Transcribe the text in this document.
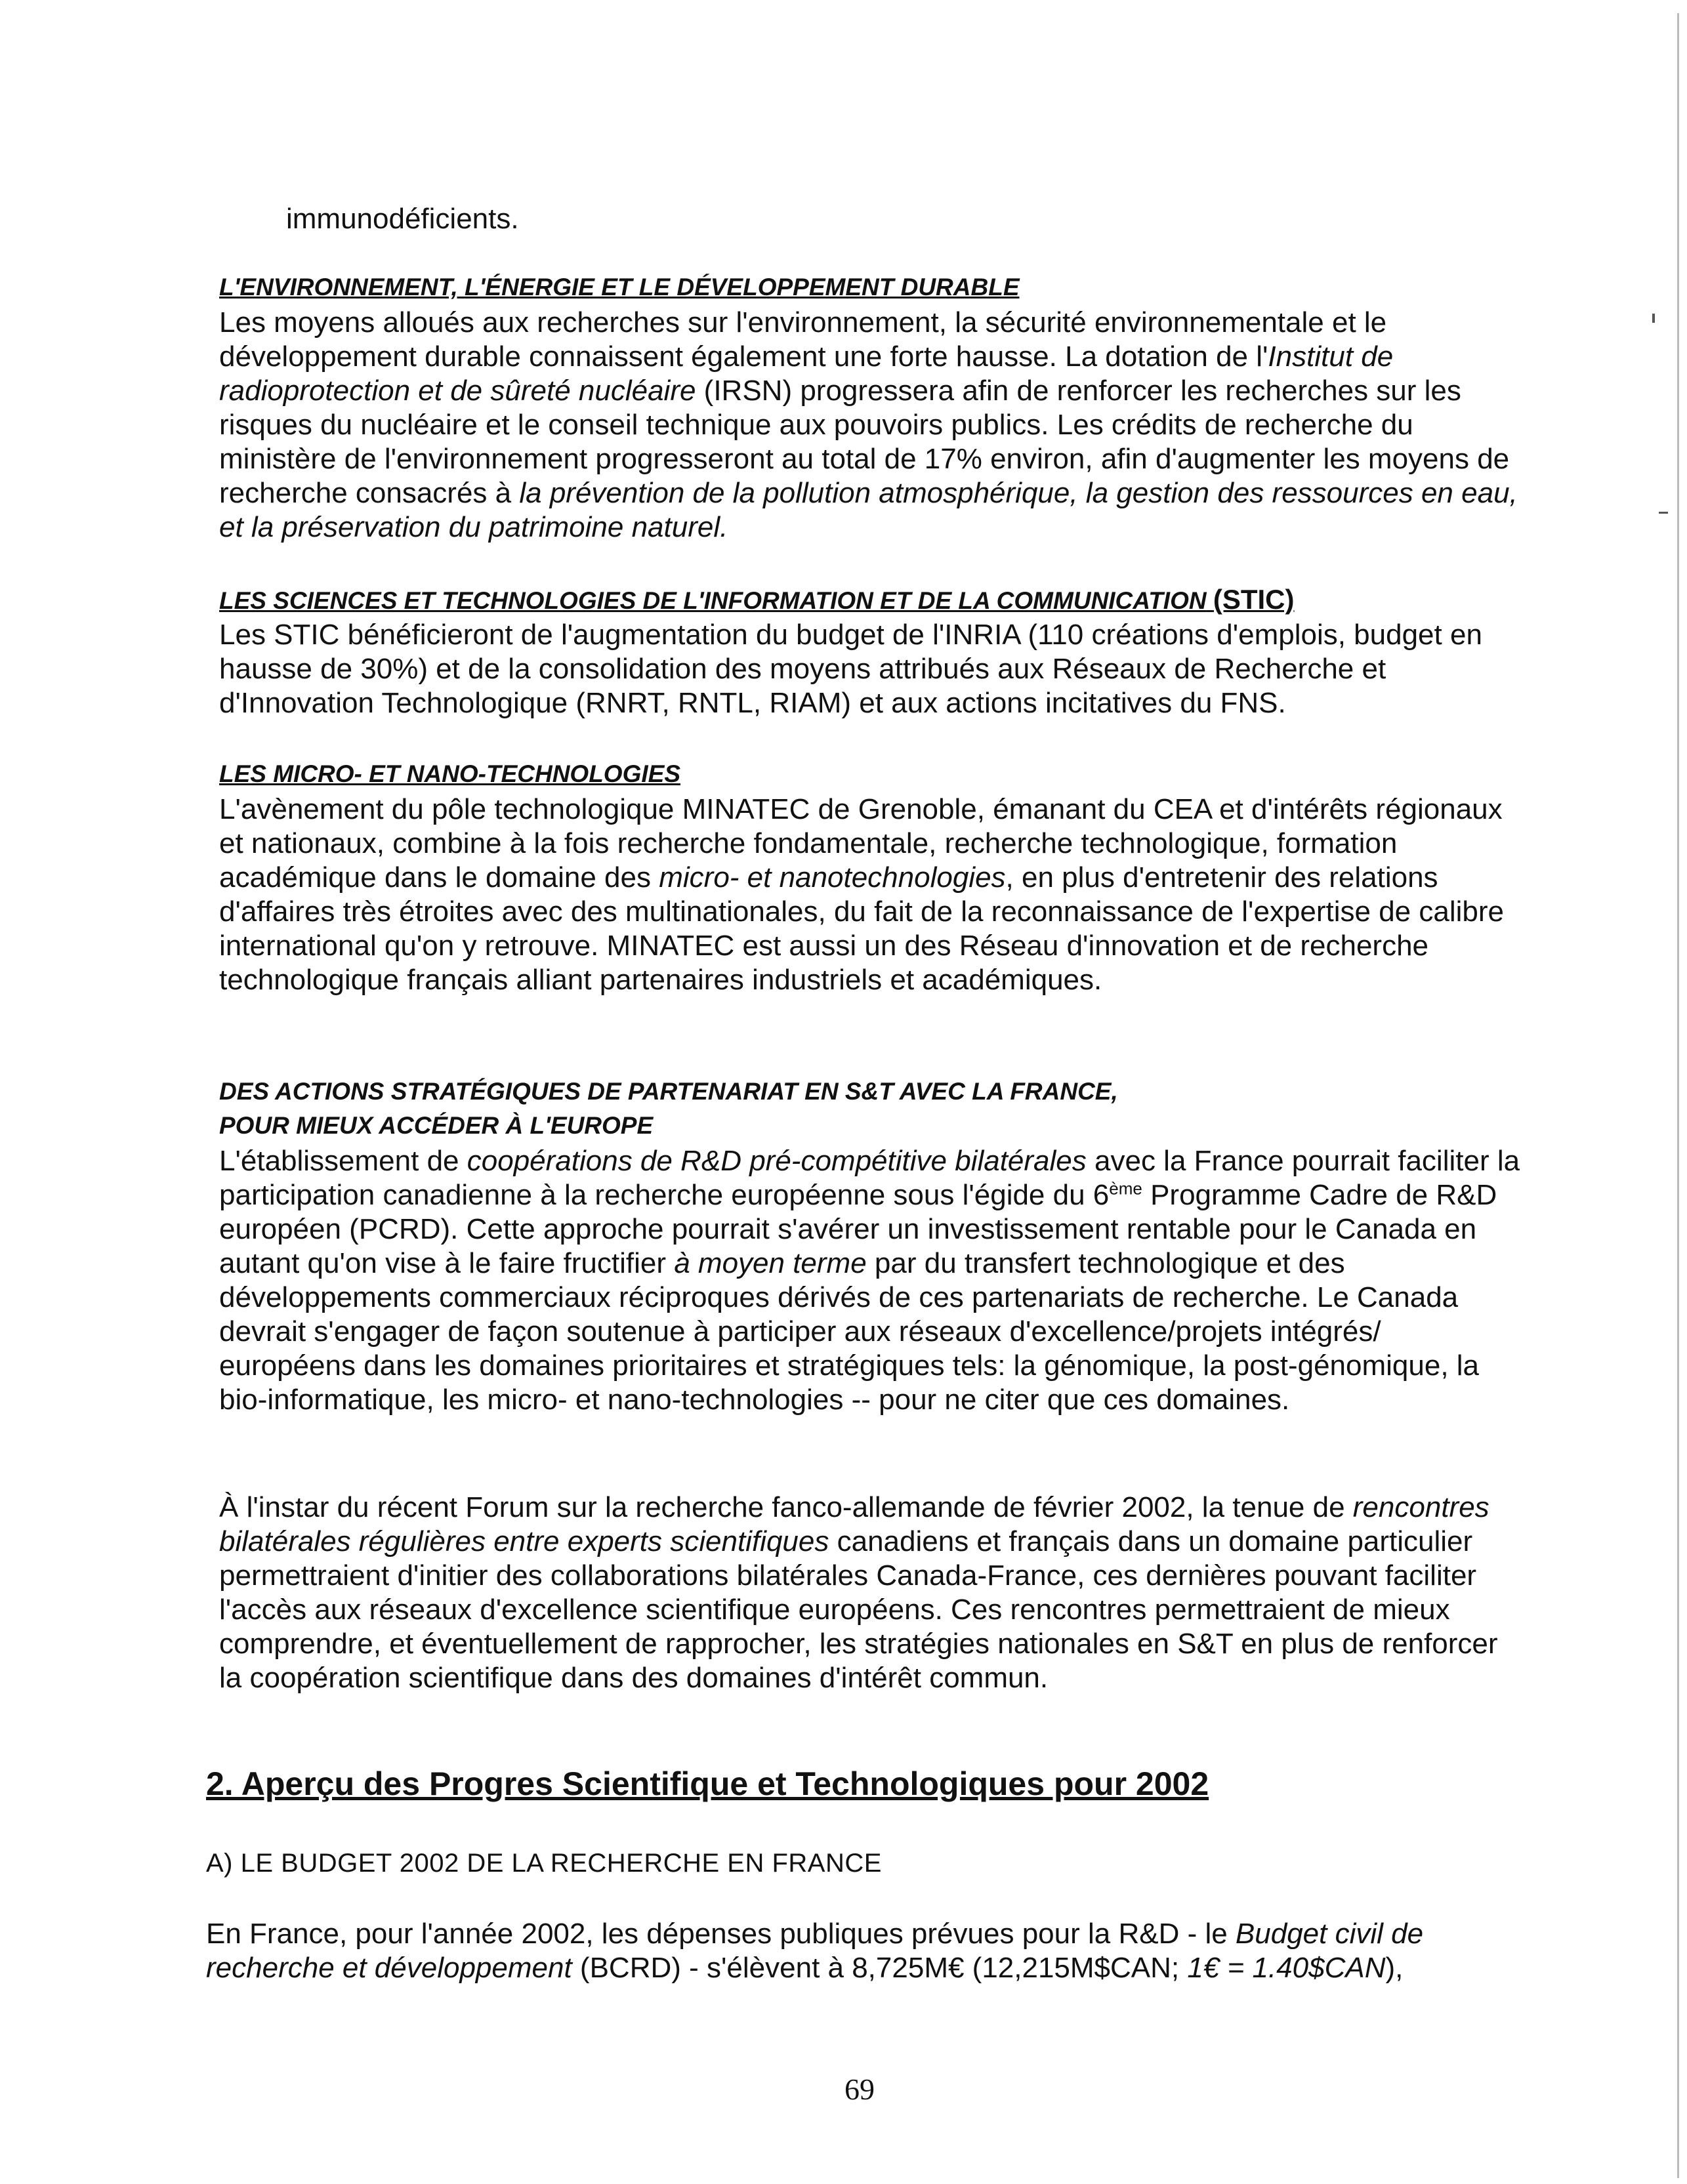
immunodéficients.

L'ENVIRONNEMENT, L'ÉNERGIE ET LE DÉVELOPPEMENT DURABLE

Les moyens alloués aux recherches sur l'environnement, la sécurité environnementale et le développement durable connaissent également une forte hausse. La dotation de l'Institut de radioprotection et de sûreté nucléaire (IRSN) progressera afin de renforcer les recherches sur les risques du nucléaire et le conseil technique aux pouvoirs publics. Les crédits de recherche du ministère de l'environnement progresseront au total de 17% environ, afin d'augmenter les moyens de recherche consacrés à la prévention de la pollution atmosphérique, la gestion des ressources en eau, et la préservation du patrimoine naturel.

LES SCIENCES ET TECHNOLOGIES DE L'INFORMATION ET DE LA COMMUNICATION (STIC)

Les STIC bénéficieront de l'augmentation du budget de l'INRIA (110 créations d'emplois, budget en hausse de 30%) et de la consolidation des moyens attribués aux Réseaux de Recherche et d'Innovation Technologique (RNRT, RNTL, RIAM) et aux actions incitatives du FNS.

LES MICRO- ET NANO-TECHNOLOGIES

L'avènement du pôle technologique MINATEC de Grenoble, émanant du CEA et d'intérêts régionaux et nationaux, combine à la fois recherche fondamentale, recherche technologique, formation académique dans le domaine des micro- et nanotechnologies, en plus d'entretenir des relations d'affaires très étroites avec des multinationales, du fait de la reconnaissance de l'expertise de calibre international qu'on y retrouve. MINATEC est aussi un des Réseau d'innovation et de recherche technologique français alliant partenaires industriels et académiques.

DES ACTIONS STRATÉGIQUES DE PARTENARIAT EN S&T AVEC LA FRANCE,

POUR MIEUX ACCÉDER À L'EUROPE

L'établissement de coopérations de R&D pré-compétitive bilatérales avec la France pourrait faciliter la participation canadienne à la recherche européenne sous l'égide du 6ème Programme Cadre de R&D européen (PCRD). Cette approche pourrait s'avérer un investissement rentable pour le Canada en autant qu'on vise à le faire fructifier à moyen terme par du transfert technologique et des développements commerciaux réciproques dérivés de ces partenariats de recherche. Le Canada devrait s'engager de façon soutenue à participer aux réseaux d'excellence/projets intégrés/ européens dans les domaines prioritaires et stratégiques tels: la génomique, la post-génomique, la bio-informatique, les micro- et nano-technologies -- pour ne citer que ces domaines.

À l'instar du récent Forum sur la recherche fanco-allemande de février 2002, la tenue de rencontres bilatérales régulières entre experts scientifiques canadiens et français dans un domaine particulier permettraient d'initier des collaborations bilatérales Canada-France, ces dernières pouvant faciliter l'accès aux réseaux d'excellence scientifique européens. Ces rencontres permettraient de mieux comprendre, et éventuellement de rapprocher, les stratégies nationales en S&T en plus de renforcer la coopération scientifique dans des domaines d'intérêt commun.

2. Aperçu des Progres Scientifique et Technologiques pour 2002

A) LE BUDGET 2002 DE LA RECHERCHE EN FRANCE

En France, pour l'année 2002, les dépenses publiques prévues pour la R&D - le Budget civil de recherche et développement (BCRD) - s'élèvent à 8,725M€ (12,215M$CAN; 1€ = 1.40$CAN),

69
